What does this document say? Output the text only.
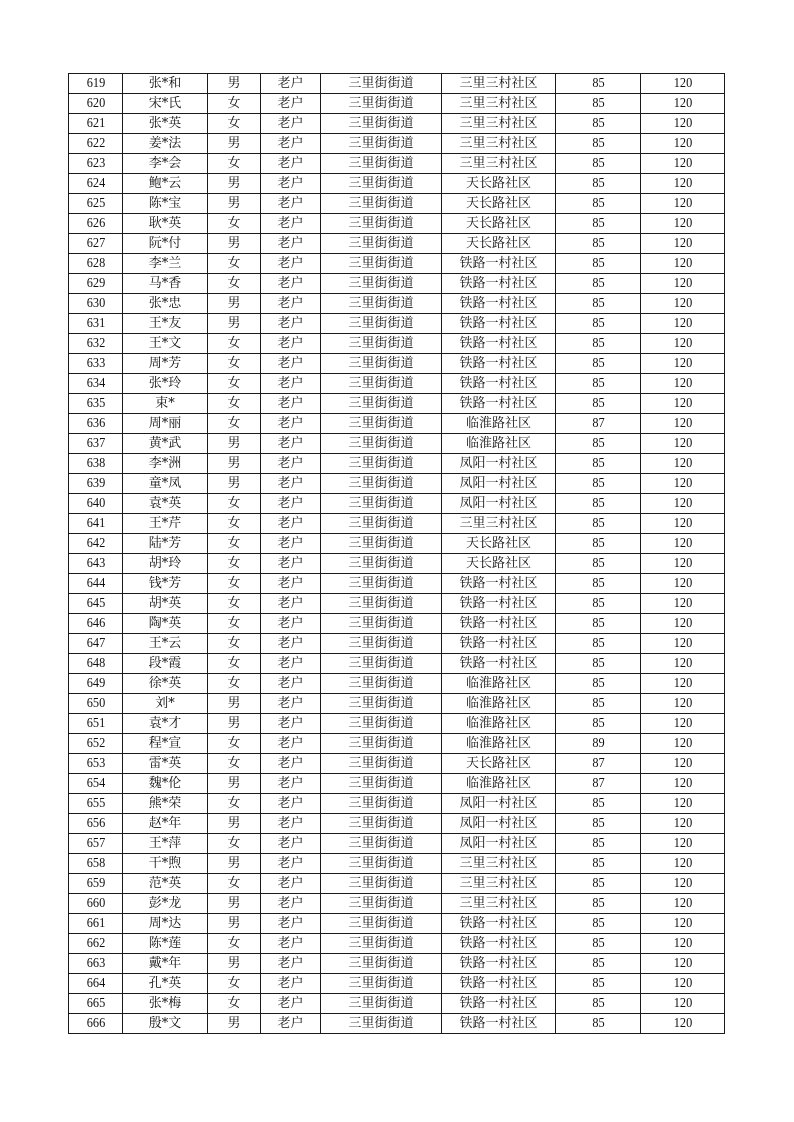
619	张*和	男	老户	三里街街道	三里三村社区	85	120
620	宋*氏	女	老户	三里街街道	三里三村社区	85	120
621	张*英	女	老户	三里街街道	三里三村社区	85	120
622	姜*法	男	老户	三里街街道	三里三村社区	85	120
623	李*会	女	老户	三里街街道	三里三村社区	85	120
624	鲍*云	男	老户	三里街街道	天长路社区	85	120
625	陈*宝	男	老户	三里街街道	天长路社区	85	120
626	耿*英	女	老户	三里街街道	天长路社区	85	120
627	阮*付	男	老户	三里街街道	天长路社区	85	120
628	李*兰	女	老户	三里街街道	铁路一村社区	85	120
629	马*香	女	老户	三里街街道	铁路一村社区	85	120
630	张*忠	男	老户	三里街街道	铁路一村社区	85	120
631	王*友	男	老户	三里街街道	铁路一村社区	85	120
632	王*文	女	老户	三里街街道	铁路一村社区	85	120
633	周*芳	女	老户	三里街街道	铁路一村社区	85	120
634	张*玲	女	老户	三里街街道	铁路一村社区	85	120
635	束*	女	老户	三里街街道	铁路一村社区	85	120
636	周*丽	女	老户	三里街街道	临淮路社区	87	120
637	黄*武	男	老户	三里街街道	临淮路社区	85	120
638	李*洲	男	老户	三里街街道	凤阳一村社区	85	120
639	童*凤	男	老户	三里街街道	凤阳一村社区	85	120
640	袁*英	女	老户	三里街街道	凤阳一村社区	85	120
641	王*芹	女	老户	三里街街道	三里三村社区	85	120
642	陆*芳	女	老户	三里街街道	天长路社区	85	120
643	胡*玲	女	老户	三里街街道	天长路社区	85	120
644	钱*芳	女	老户	三里街街道	铁路一村社区	85	120
645	胡*英	女	老户	三里街街道	铁路一村社区	85	120
646	陶*英	女	老户	三里街街道	铁路一村社区	85	120
647	王*云	女	老户	三里街街道	铁路一村社区	85	120
648	段*霞	女	老户	三里街街道	铁路一村社区	85	120
649	徐*英	女	老户	三里街街道	临淮路社区	85	120
650	刘*	男	老户	三里街街道	临淮路社区	85	120
651	袁*才	男	老户	三里街街道	临淮路社区	85	120
652	程*宣	女	老户	三里街街道	临淮路社区	89	120
653	雷*英	女	老户	三里街街道	天长路社区	87	120
654	魏*伦	男	老户	三里街街道	临淮路社区	87	120
655	熊*荣	女	老户	三里街街道	凤阳一村社区	85	120
656	赵*年	男	老户	三里街街道	凤阳一村社区	85	120
657	王*萍	女	老户	三里街街道	凤阳一村社区	85	120
658	干*煦	男	老户	三里街街道	三里三村社区	85	120
659	范*英	女	老户	三里街街道	三里三村社区	85	120
660	彭*龙	男	老户	三里街街道	三里三村社区	85	120
661	周*达	男	老户	三里街街道	铁路一村社区	85	120
662	陈*莲	女	老户	三里街街道	铁路一村社区	85	120
663	戴*年	男	老户	三里街街道	铁路一村社区	85	120
664	孔*英	女	老户	三里街街道	铁路一村社区	85	120
665	张*梅	女	老户	三里街街道	铁路一村社区	85	120
666	殷*文	男	老户	三里街街道	铁路一村社区	85	120
